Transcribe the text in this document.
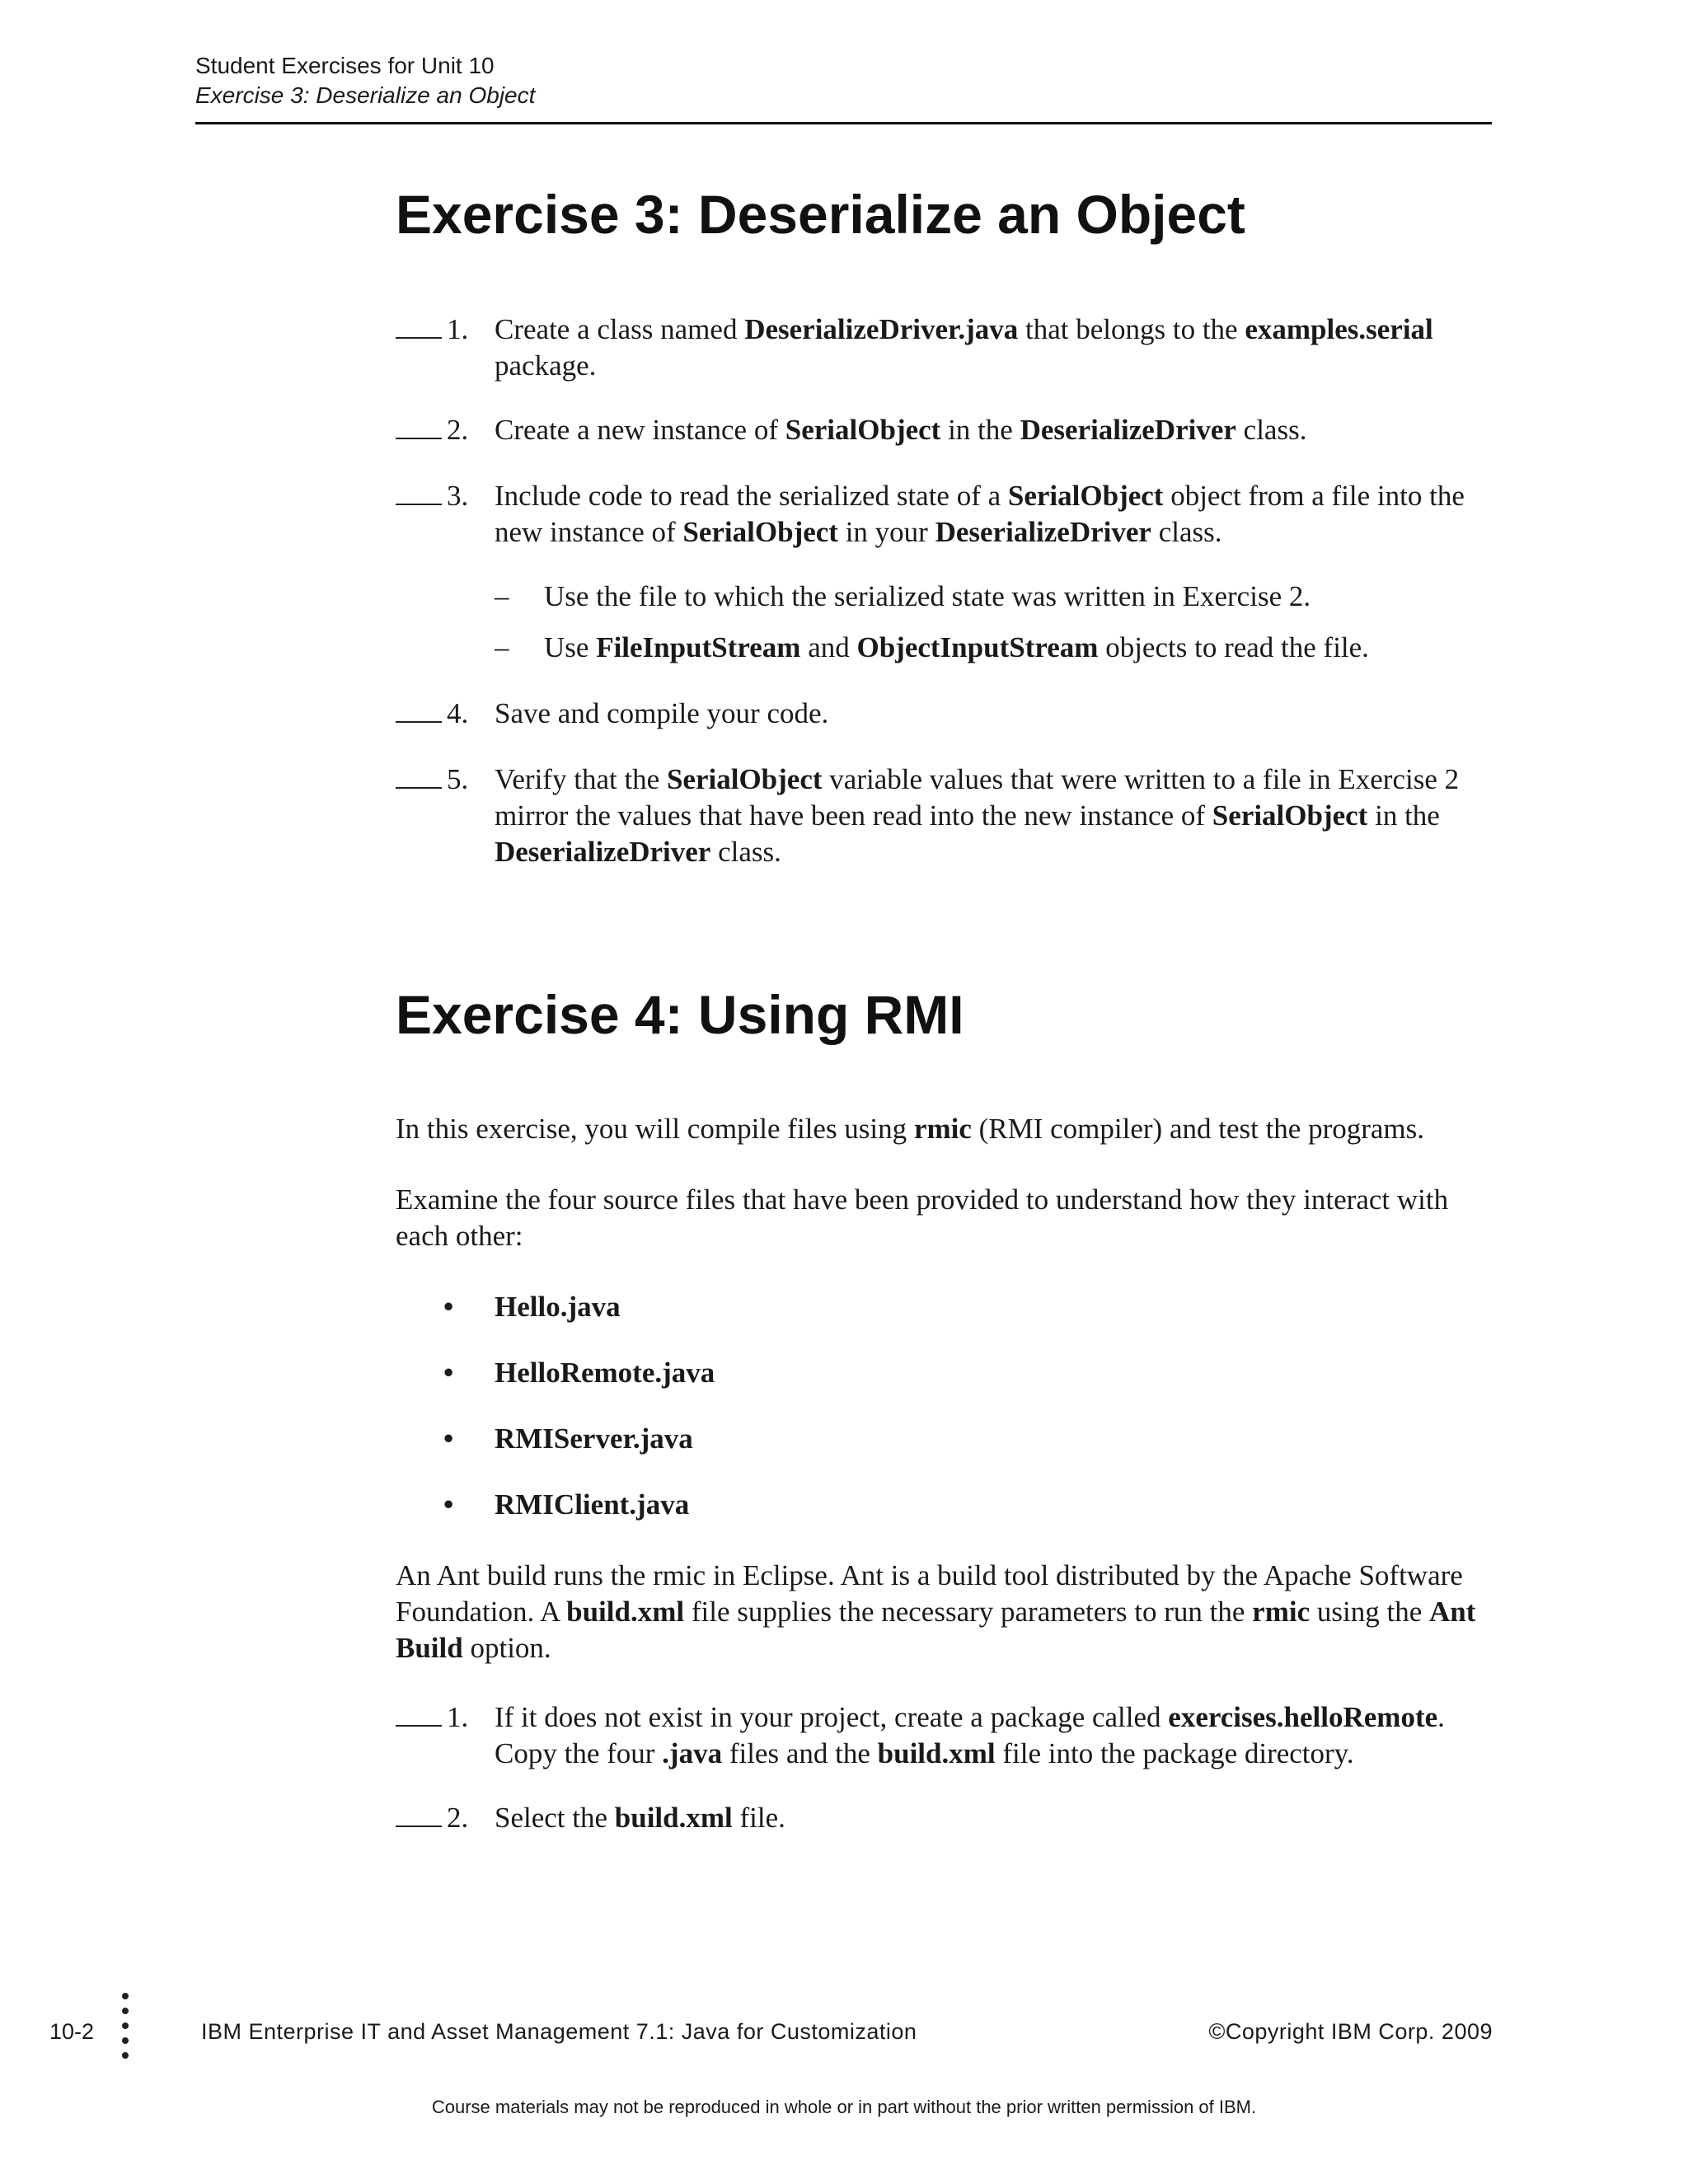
Student Exercises for Unit 10
Exercise 3: Deserialize an Object
Exercise 3: Deserialize an Object
1. Create a class named DeserializeDriver.java that belongs to the examples.serial package.
2. Create a new instance of SerialObject in the DeserializeDriver class.
3. Include code to read the serialized state of a SerialObject object from a file into the new instance of SerialObject in your DeserializeDriver class.
– Use the file to which the serialized state was written in Exercise 2.
– Use FileInputStream and ObjectInputStream objects to read the file.
4. Save and compile your code.
5. Verify that the SerialObject variable values that were written to a file in Exercise 2 mirror the values that have been read into the new instance of SerialObject in the DeserializeDriver class.
Exercise 4: Using RMI
In this exercise, you will compile files using rmic (RMI compiler) and test the programs.
Examine the four source files that have been provided to understand how they interact with each other:
• Hello.java
• HelloRemote.java
• RMIServer.java
• RMIClient.java
An Ant build runs the rmic in Eclipse. Ant is a build tool distributed by the Apache Software Foundation. A build.xml file supplies the necessary parameters to run the rmic using the Ant Build option.
1. If it does not exist in your project, create a package called exercises.helloRemote. Copy the four .java files and the build.xml file into the package directory.
2. Select the build.xml file.
10-2	IBM Enterprise IT and Asset Management 7.1: Java for Customization	©Copyright IBM Corp. 2009
Course materials may not be reproduced in whole or in part without the prior written permission of IBM.
